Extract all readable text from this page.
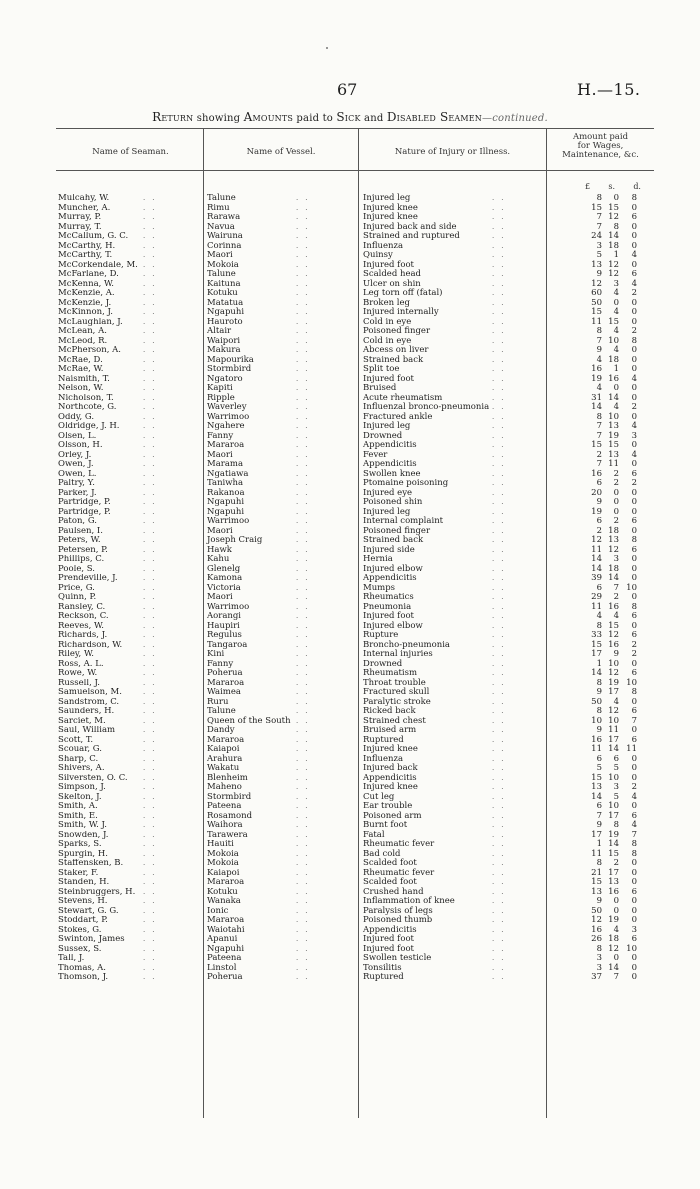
67	H.—15.
Return showing Amounts paid to Sick and Disabled Seamen—continued.
Name of Seaman.	Name of Vessel.	Nature of Injury or Illness.
Amount paid
for Wages,
Maintenance, &c.
£ s. d.
Mulcahy, W.	..	Talune	..	Injured leg	..	8	0	8
Muncher, A.	..	Rimu	..	Injured knee	..	15 15	0
Murray, P.	..	Rarawa	..	Injured knee	..	7 12	6
Murray, T.	..	Navua	..	Injured back and side	..	7	8	0
McCallum, G. C.	..	Wairuna	..	Strained and ruptured	..	24 14	0
McCarthy, H.	..	Corinna	..	Influenza	..	3 18	0
McCarthy, T.	..	Maori	..	Quinsy	..	5	1	4
McCorkendale, M. ..	Mokoia	..	Injured foot	..	13 12	0
McFarlane, D.	..	Talune	..	Scalded head	..	9 12	6
McKenna, W.	..	Kaituna	..	Ulcer on shin	..	12	3	4
McKenzie, A.	..	Kotuku	..	Leg torn off (fatal)	..	60	4	2
McKenzie, J.	..	Matatua	..	Broken leg	..	50	0	0
McKinnon, J.	..	Ngapuhi	..	Injured internally	..	15	4	0
McLaughlan, J.	..	Hauroto	..	Cold in eye	..	11 15	0
McLean, A.	..	Altair	..	Poisoned finger	..	8	4	2
McLeod, R.	..	Waipori	..	Cold in eye	..	7 10	8
McPherson, A.	..	Makura	..	Abcess on liver	..	9	4	0
McRae, D.	..	Mapourika	..	Strained back	..	4 18	0
McRae, W.	..	Stormbird	..	Split toe	..	16	1	0
Naismith, T.	..	Ngatoro	..	Injured foot	..	19 16	4
Nelson, W.	..	Kapiti	..	Bruised	..	4	0	0
Nicholson, T.	..	Ripple	..	Acute rheumatism	..	31 14	0
Northcote, G.	..	Waverley	..	Influenzal bronco-pneumonia ..	14	4	2
Oddy, G.	..	Warrimoo	..	Fractured ankle	..	8 10	0
Oldridge, J. H.	..	Ngahere	..	Injured leg	..	7 13	4
Olsen, L.	..	Fanny	..	Drowned	..	7 19	3
Olsson, H.	..	Mararoa	..	Appendicitis	..	15 15	0
Orley, J.	..	Maori	..	Fever	..	2 13	4
Owen, J.	..	Marama	..	Appendicitis	..	7 11	0
Owen, L.	..	Ngatiawa	..	Swollen knee	..	16	2	6
Paltry, Y.	..	Taniwha	..	Ptomaine poisoning	..	6	2	2
Parker, J.	..	Rakanoa	..	Injured eye	..	20	0	0
Partridge, P.	..	Ngapuhi	..	Poisoned shin	..	9	0	0
Partridge, P.	..	Ngapuhi	..	Injured leg	..	19	0	0
Paton, G.	..	Warrimoo	..	Internal complaint	..	6	2	6
Paulsen, I.	..	Maori	..	Poisoned finger	..	2 18	0
Peters, W.	..	Joseph Craig	..	Strained back	..	12 13	8
Petersen, P.	..	Hawk	..	Injured side	..	11 12	6
Phillips, C.	..	Kahu	..	Hernia	..	14	3	0
Poole, S.	..	Glenelg	..	Injured elbow	..	14 18	0
Prendeville, J.	..	Kamona	..	Appendicitis	..	39 14	0
Price, G.	..	Victoria	..	Mumps	..	6	7 10
Quinn, P.	..	Maori	..	Rheumatics	..	29	2	0
Ransley, C.	..	Warrimoo	..	Pneumonia	..	11 16	8
Reckson, C.	..	Aorangi	..	Injured foot	..	4	4	6
Reeves, W.	..	Haupiri	..	Injured elbow	..	8 15	0
Richards, J.	..	Regulus	..	Rupture	..	33 12	6
Richardson, W.	..	Tangaroa	..	Broncho-pneumonia	..	15 16	2
Riley, W.	..	Kini	..	Internal injuries	..	17	9	2
Ross, A. L.	..	Fanny	..	Drowned	..	1 10	0
Rowe, W.	..	Poherua	..	Rheumatism	..	14 12	6
Russell, J.	..	Mararoa	..	Throat trouble	..	8 19 10
Samuelson, M.	..	Waimea	..	Fractured skull	..	9 17	8
Sandstrom, C.	..	Ruru	..	Paralytic stroke	..	50	4	0
Saunders, H.	..	Talune	..	Ricked back	..	8 12	6
Sarciet, M.	..	Queen of the South ..	Strained chest	..	10 10	7
Saul, William	..	Dandy	..	Bruised arm	..	9 11	0
Scott, T.	..	Mararoa	..	Ruptured	..	16 17	6
Scouar, G.	..	Kaiapoi	..	Injured knee	..	11 14 11
Sharp, C.	..	Arahura	..	Influenza	..	6	6	0
Shivers, A.	..	Wakatu	..	Injured back	..	5	5	0
Silversten, O. C.	..	Blenheim	..	Appendicitis	..	15 10	0
Simpson, J.	..	Maheno	..	Injured knee	..	13	3	2
Skelton, J.	..	Stormbird	..	Cut leg	..	14	5	4
Smith, A.	..	Pateena	..	Ear trouble	..	6 10	0
Smith, E.	..	Rosamond	..	Poisoned arm	..	7 17	6
Smith, W. J.	..	Waihora	..	Burnt foot	..	9	8	4
Snowden, J.	..	Tarawera	..	Fatal	..	17 19	7
Sparks, S.	..	Hauiti	..	Rheumatic fever	..	1 14	8
Spurgin, H.	..	Mokoia	..	Bad cold	..	11 15	8
Staffensken, B.	..	Mokoia	..	Scalded foot	..	8	2	0
Staker, F.	..	Kaiapoi	..	Rheumatic fever	..	21 17	0
Standen, H.	..	Mararoa	..	Scalded foot	..	15 13	0
Steinbruggers, H.	..	Kotuku	..	Crushed hand	..	13 16	6
Stevens, H.	..	Wanaka	..	Inflammation of knee	..	9	0	0
Stewart, G. G.	..	Ionic	..	Paralysis of legs	..	50	0	0
Stoddart, P.	..	Mararoa	..	Poisoned thumb	..	12 19	0
Stokes, G.	..	Waiotahi	..	Appendicitis	..	16	4	3
Swinton, James	..	Apanui	..	Injured foot	..	26 18	6
Sussex, S.	..	Ngapuhi	..	Injured foot	..	8 12 10
Tall, J.	..	Pateena	..	Swollen testicle	..	3	0	0
Thomas, A.	..	Linstol	..	Tonsilitis	..	3 14	0
Thomson, J.	..	Poherua	..	Ruptured	..	37	7	0
